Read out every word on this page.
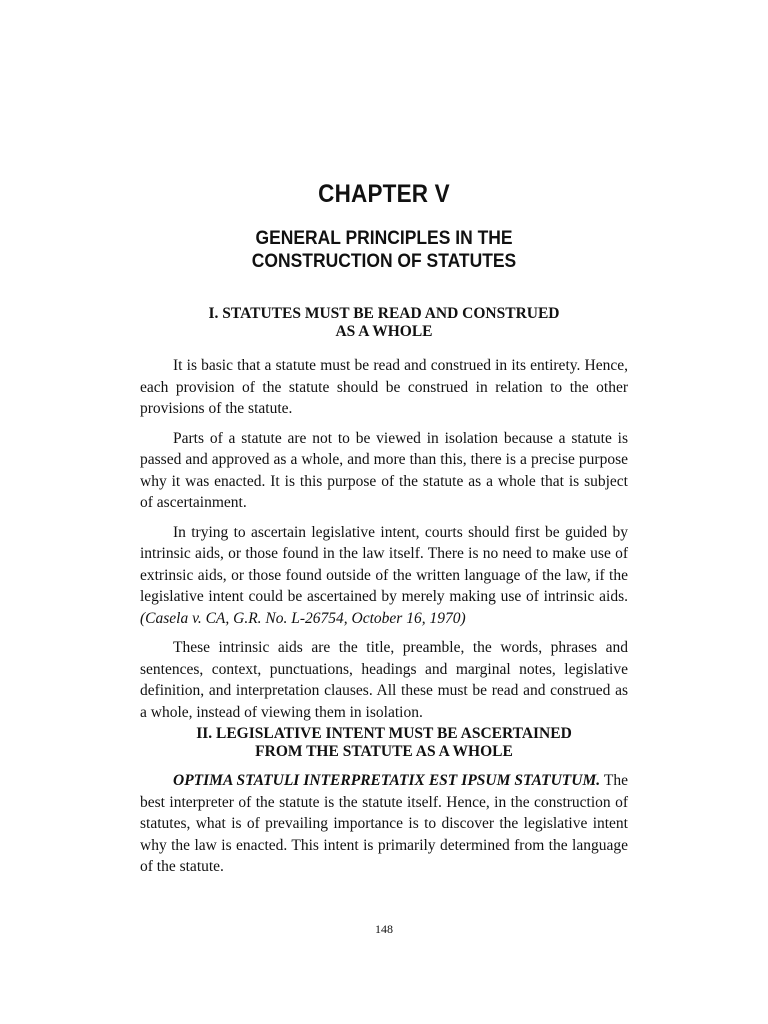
CHAPTER V
GENERAL PRINCIPLES IN THE
CONSTRUCTION OF STATUTES
I. STATUTES MUST BE READ AND CONSTRUED
AS A WHOLE

It is basic that a statute must be read and construed in its entirety. Hence, each provision of the statute should be construed in relation to the other provisions of the statute.

Parts of a statute are not to be viewed in isolation because a statute is passed and approved as a whole, and more than this, there is a precise purpose why it was enacted. It is this purpose of the statute as a whole that is subject of ascertainment.

In trying to ascertain legislative intent, courts should first be guided by intrinsic aids, or those found in the law itself. There is no need to make use of extrinsic aids, or those found outside of the written language of the law, if the legislative intent could be ascertained by merely making use of intrinsic aids. (Casela v. CA, G.R. No. L-26754, October 16, 1970)

These intrinsic aids are the title, preamble, the words, phrases and sentences, context, punctuations, headings and marginal notes, legislative definition, and interpretation clauses. All these must be read and construed as a whole, instead of viewing them in isolation.

II. LEGISLATIVE INTENT MUST BE ASCERTAINED
FROM THE STATUTE AS A WHOLE

OPTIMA STATULI INTERPRETATIX EST IPSUM STATUTUM. The best interpreter of the statute is the statute itself. Hence, in the construction of statutes, what is of prevailing importance is to discover the legislative intent why the law is enacted. This intent is primarily determined from the language of the statute.

148
